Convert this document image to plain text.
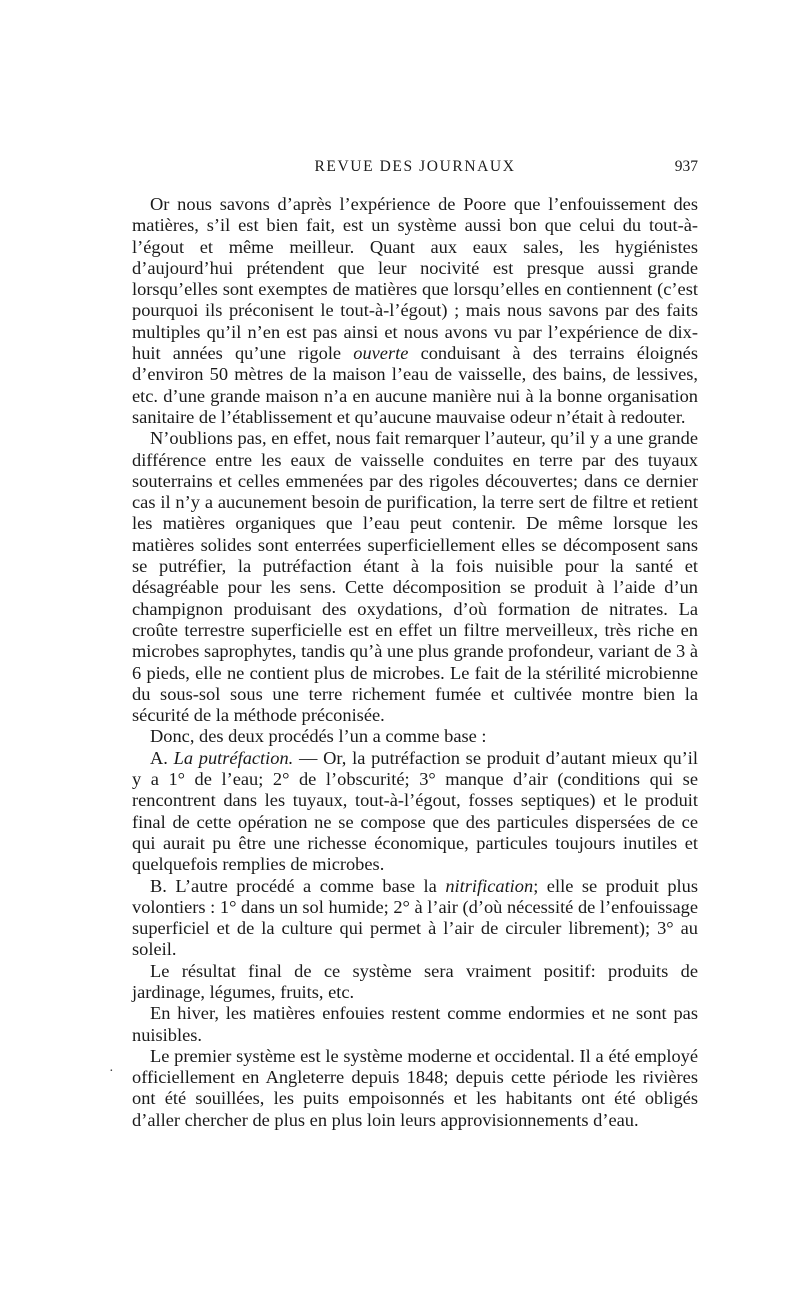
REVUE DES JOURNAUX	937

Or nous savons d’après l’expérience de Poore que l’enfouissement des matières, s’il est bien fait, est un système aussi bon que celui du tout-à-l’égout et même meilleur. Quant aux eaux sales, les hygiénistes d’aujourd’hui prétendent que leur nocivité est presque aussi grande lorsqu’elles sont exemptes de matières que lorsqu’elles en contiennent (c’est pourquoi ils préconisent le tout-à-l’égout) ; mais nous savons par des faits multiples qu’il n’en est pas ainsi et nous avons vu par l’expérience de dix-huit années qu’une rigole ouverte conduisant à des terrains éloignés d’environ 50 mètres de la maison l’eau de vaisselle, des bains, de lessives, etc. d’une grande maison n’a en aucune manière nui à la bonne organisation sanitaire de l’établissement et qu’aucune mauvaise odeur n’était à redouter.

N’oublions pas, en effet, nous fait remarquer l’auteur, qu’il y a une grande différence entre les eaux de vaisselle conduites en terre par des tuyaux souterrains et celles emmenées par des rigoles découvertes; dans ce dernier cas il n’y a aucunement besoin de purification, la terre sert de filtre et retient les matières organiques que l’eau peut contenir. De même lorsque les matières solides sont enterrées superficiellement elles se décomposent sans se putréfier, la putréfaction étant à la fois nuisible pour la santé et désagréable pour les sens. Cette décomposition se produit à l’aide d’un champignon produisant des oxydations, d’où formation de nitrates. La croûte terrestre superficielle est en effet un filtre merveilleux, très riche en microbes saprophytes, tandis qu’à une plus grande profondeur, variant de 3 à 6 pieds, elle ne contient plus de microbes. Le fait de la stérilité microbienne du sous-sol sous une terre richement fumée et cultivée montre bien la sécurité de la méthode préconisée.

Donc, des deux procédés l’un a comme base :

A. La putréfaction. — Or, la putréfaction se produit d’autant mieux qu’il y a 1° de l’eau; 2° de l’obscurité; 3° manque d’air (conditions qui se rencontrent dans les tuyaux, tout-à-l’égout, fosses septiques) et le produit final de cette opération ne se compose que des particules dispersées de ce qui aurait pu être une richesse économique, particules toujours inutiles et quelquefois remplies de microbes.

B. L’autre procédé a comme base la nitrification; elle se produit plus volontiers : 1° dans un sol humide; 2° à l’air (d’où nécessité de l’enfouissage superficiel et de la culture qui permet à l’air de circuler librement); 3° au soleil.

Le résultat final de ce système sera vraiment positif: produits de jardinage, légumes, fruits, etc.

En hiver, les matières enfouies restent comme endormies et ne sont pas nuisibles.

Le premier système est le système moderne et occidental. Il a été employé officiellement en Angleterre depuis 1848; depuis cette période les rivières ont été souillées, les puits empoisonnés et les habitants ont été obligés d’aller chercher de plus en plus loin leurs approvisionnements d’eau.

·
